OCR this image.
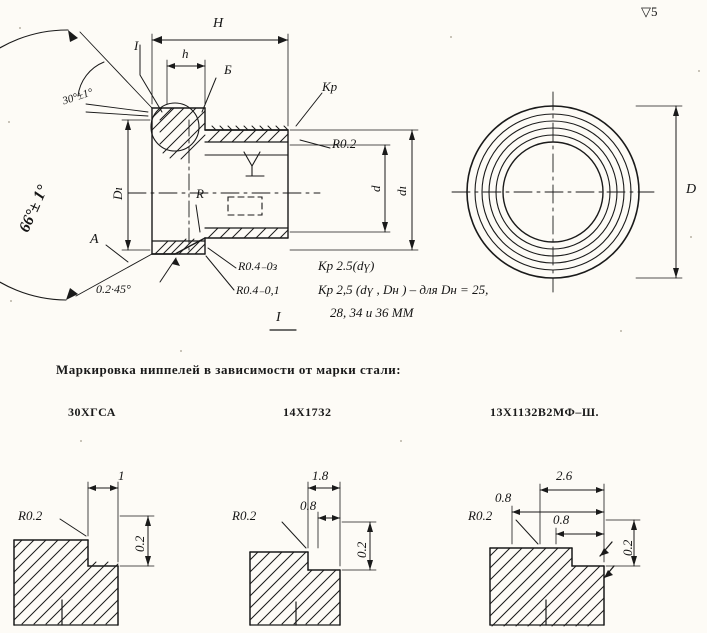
▽5
H
h
I
Б
Kр
30°±1°
66°± 1°
A
Dı	R
R0.2
d dı
0.2·45°
R0.4₋0з
R0.4₋0,1
Kр 2.5(dү)
Kр 2,5 (dү , Dн ) – для Dн = 25,
28, 34 и 36 ММ
I
D
Маркировка ниппелей в зависимости от марки стали:
30ХГСА	14Х17З2	13Х11З2В2МФ–Ш.
1
0.2
R0.2
1.8
0.8
0.2
R0.2
2.6
0.8
0.8
0.2
R0.2
